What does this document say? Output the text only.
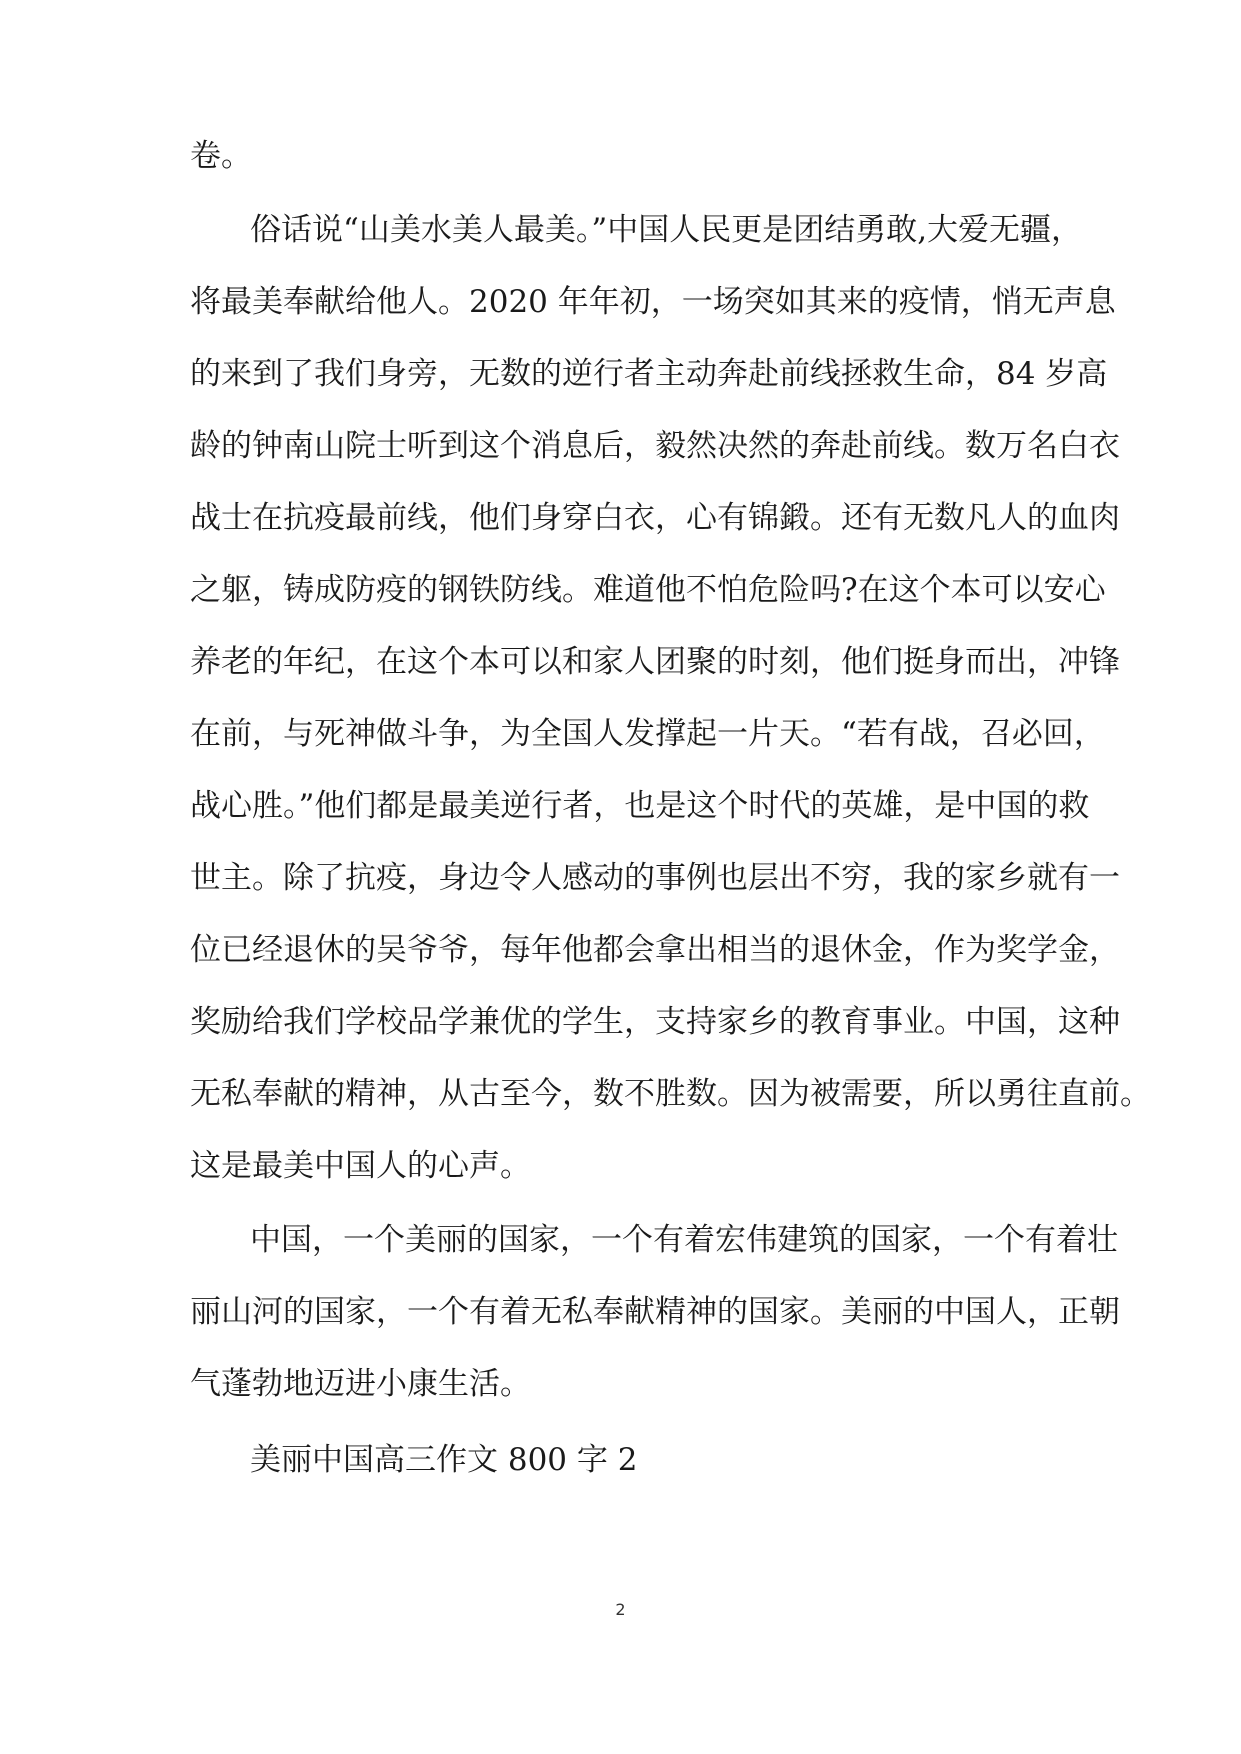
卷。
俗话说“山美水美人最美。”中国人民更是团结勇敢,大爱无疆，
将最美奉献给他人。2020 年年初，一场突如其来的疫情，悄无声息
的来到了我们身旁，无数的逆行者主动奔赴前线拯救生命，84 岁高
龄的钟南山院士听到这个消息后，毅然决然的奔赴前线。数万名白衣
战士在抗疫最前线，他们身穿白衣，心有锦鍛。还有无数凡人的血肉
之躯，铸成防疫的钢铁防线。难道他不怕危险吗?在这个本可以安心
养老的年纪，在这个本可以和家人团聚的时刻，他们挺身而出，冲锋
在前，与死神做斗争，为全国人发撑起一片天。“若有战，召必回，
战心胜。”他们都是最美逆行者，也是这个时代的英雄，是中国的救
世主。除了抗疫，身边令人感动的事例也层出不穷，我的家乡就有一
位已经退休的吴爷爷，每年他都会拿出相当的退休金，作为奖学金，
奖励给我们学校品学兼优的学生，支持家乡的教育事业。中国，这种
无私奉献的精神，从古至今，数不胜数。因为被需要，所以勇往直前。
这是最美中国人的心声。
中国，一个美丽的国家，一个有着宏伟建筑的国家，一个有着壮
丽山河的国家，一个有着无私奉献精神的国家。美丽的中国人，正朝
气蓬勃地迈进小康生活。
美丽中国高三作文 800 字 2
2
